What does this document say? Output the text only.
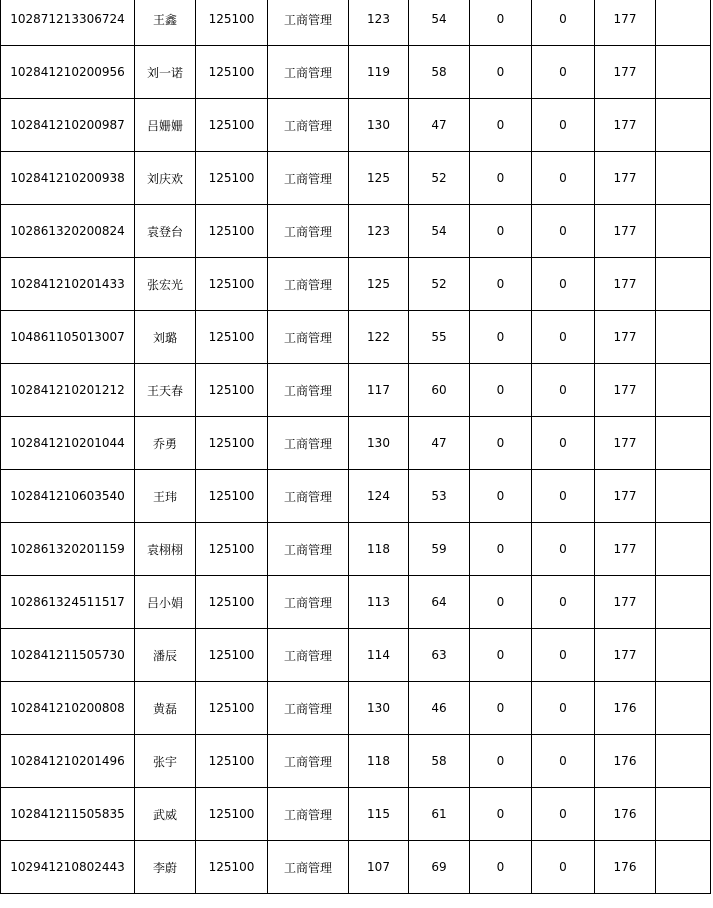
102871213306724	王鑫	125100	工商管理	123	54	0	0	177	
102841210200956	刘一诺	125100	工商管理	119	58	0	0	177	
102841210200987	吕姗姗	125100	工商管理	130	47	0	0	177	
102841210200938	刘庆欢	125100	工商管理	125	52	0	0	177	
102861320200824	袁登台	125100	工商管理	123	54	0	0	177	
102841210201433	张宏光	125100	工商管理	125	52	0	0	177	
104861105013007	刘璐	125100	工商管理	122	55	0	0	177	
102841210201212	王天春	125100	工商管理	117	60	0	0	177	
102841210201044	乔勇	125100	工商管理	130	47	0	0	177	
102841210603540	王玮	125100	工商管理	124	53	0	0	177	
102861320201159	袁栩栩	125100	工商管理	118	59	0	0	177	
102861324511517	吕小娟	125100	工商管理	113	64	0	0	177	
102841211505730	潘辰	125100	工商管理	114	63	0	0	177	
102841210200808	黄磊	125100	工商管理	130	46	0	0	176	
102841210201496	张宇	125100	工商管理	118	58	0	0	176	
102841211505835	武威	125100	工商管理	115	61	0	0	176	
102941210802443	李蔚	125100	工商管理	107	69	0	0	176	
